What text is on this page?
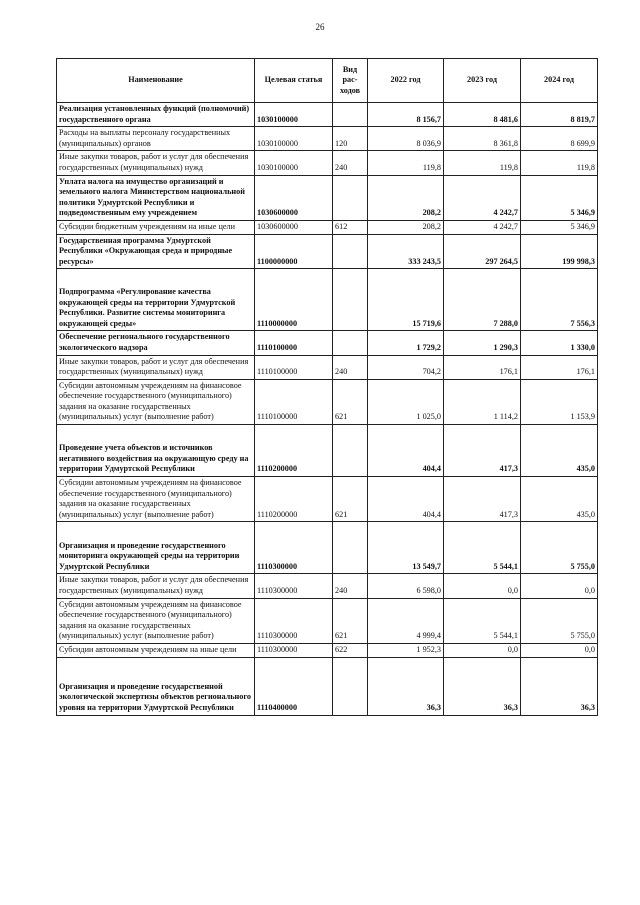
26
Наименование	Целевая статья	Вид рас-ходов	2022 год	2023 год	2024 год
Реализация установленных функций (полномочий) государственного органа	1030100000		8 156,7	8 481,6	8 819,7
Расходы на выплаты персоналу государственных (муниципальных) органов	1030100000	120	8 036,9	8 361,8	8 699,9
Иные закупки товаров, работ и услуг для обеспечения государственных (муниципальных) нужд	1030100000	240	119,8	119,8	119,8
Уплата налога на имущество организаций и земельного налога Министерством национальной политики Удмуртской Республики и подведомственным ему учреждением	1030600000		208,2	4 242,7	5 346,9
Субсидии бюджетным учреждениям на иные цели	1030600000	612	208,2	4 242,7	5 346,9
Государственная программа Удмуртской Республики «Окружающая среда и природные ресурсы»	1100000000		333 243,5	297 264,5	199 998,3
Подпрограмма «Регулирование качества окружающей среды на территории Удмуртской Республики. Развитие системы мониторинга окружающей среды»	1110000000		15 719,6	7 288,0	7 556,3
Обеспечение регионального государственного экологического надзора	1110100000		1 729,2	1 290,3	1 330,0
Иные закупки товаров, работ и услуг для обеспечения государственных (муниципальных) нужд	1110100000	240	704,2	176,1	176,1
Субсидии автономным учреждениям на финансовое обеспечение государственного (муниципального) задания на оказание государственных (муниципальных) услуг (выполнение работ)	1110100000	621	1 025,0	1 114,2	1 153,9
Проведение учета объектов и источников негативного воздействия на окружающую среду на территории Удмуртской Республики	1110200000		404,4	417,3	435,0
Субсидии автономным учреждениям на финансовое обеспечение государственного (муниципального) задания на оказание государственных (муниципальных) услуг (выполнение работ)	1110200000	621	404,4	417,3	435,0
Организация и проведение государственного мониторинга окружающей среды на территории Удмуртской Республики	1110300000		13 549,7	5 544,1	5 755,0
Иные закупки товаров, работ и услуг для обеспечения государственных (муниципальных) нужд	1110300000	240	6 598,0	0,0	0,0
Субсидии автономным учреждениям на финансовое обеспечение государственного (муниципального) задания на оказание государственных (муниципальных) услуг (выполнение работ)	1110300000	621	4 999,4	5 544,1	5 755,0
Субсидии автономным учреждениям на иные цели	1110300000	622	1 952,3	0,0	0,0
Организация и проведение государственной экологической экспертизы объектов регионального уровня на территории Удмуртской Республики	1110400000		36,3	36,3	36,3
